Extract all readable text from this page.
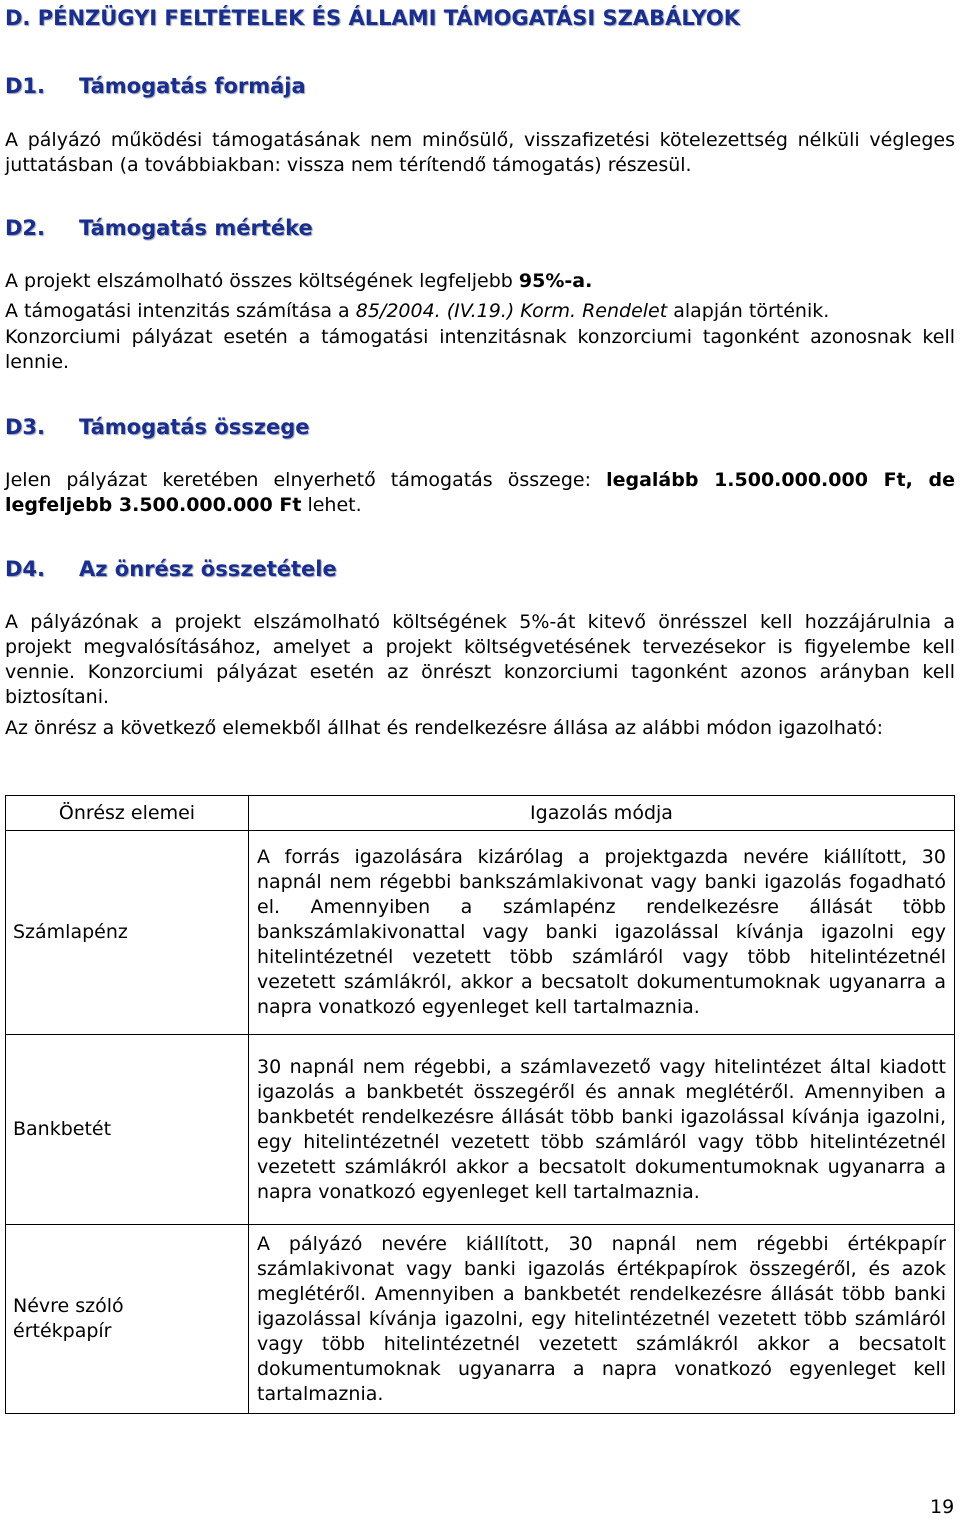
D. PÉNZÜGYI FELTÉTELEK ÉS ÁLLAMI TÁMOGATÁSI SZABÁLYOK
D1. Támogatás formája

A pályázó működési támogatásának nem minősülő, visszafizetési kötelezettség nélküli végleges juttatásban (a továbbiakban: vissza nem térítendő támogatás) részesül.

D2. Támogatás mértéke

A projekt elszámolható összes költségének legfeljebb 95%-a.

A támogatási intenzitás számítása a 85/2004. (IV.19.) Korm. Rendelet alapján történik.

Konzorciumi pályázat esetén a támogatási intenzitásnak konzorciumi tagonként azonosnak kell lennie.

D3. Támogatás összege

Jelen pályázat keretében elnyerhető támogatás összege: legalább 1.500.000.000 Ft, de legfeljebb 3.500.000.000 Ft lehet.

D4. Az önrész összetétele

A pályázónak a projekt elszámolható költségének 5%-át kitevő önrésszel kell hozzájárulnia a projekt megvalósításához, amelyet a projekt költségvetésének tervezésekor is figyelembe kell vennie. Konzorciumi pályázat esetén az önrészt konzorciumi tagonként azonos arányban kell biztosítani.

Az önrész a következő elemekből állhat és rendelkezésre állása az alábbi módon igazolható:

Önrész elemei	Igazolás módja
Számlapénz	A forrás igazolására kizárólag a projektgazda nevére kiállított, 30 napnál nem régebbi bankszámlakivonat vagy banki igazolás fogadható el. Amennyiben a számlapénz rendelkezésre állását több bankszámlakivonattal vagy banki igazolással kívánja igazolni egy hitelintézetnél vezetett több számláról vagy több hitelintézetnél vezetett számlákról, akkor a becsatolt dokumentumoknak ugyanarra a napra vonatkozó egyenleget kell tartalmaznia.
Bankbetét	30 napnál nem régebbi, a számlavezető vagy hitelintézet által kiadott igazolás a bankbetét összegéről és annak meglétéről. Amennyiben a bankbetét rendelkezésre állását több banki igazolással kívánja igazolni, egy hitelintézetnél vezetett több számláról vagy több hitelintézetnél vezetett számlákról akkor a becsatolt dokumentumoknak ugyanarra a napra vonatkozó egyenleget kell tartalmaznia.
Névre szóló értékpapír	A pályázó nevére kiállított, 30 napnál nem régebbi értékpapír számlakivonat vagy banki igazolás értékpapírok összegéről, és azok meglétéről. Amennyiben a bankbetét rendelkezésre állását több banki igazolással kívánja igazolni, egy hitelintézetnél vezetett több számláról vagy több hitelintézetnél vezetett számlákról akkor a becsatolt dokumentumoknak ugyanarra a napra vonatkozó egyenleget kell tartalmaznia.
19
